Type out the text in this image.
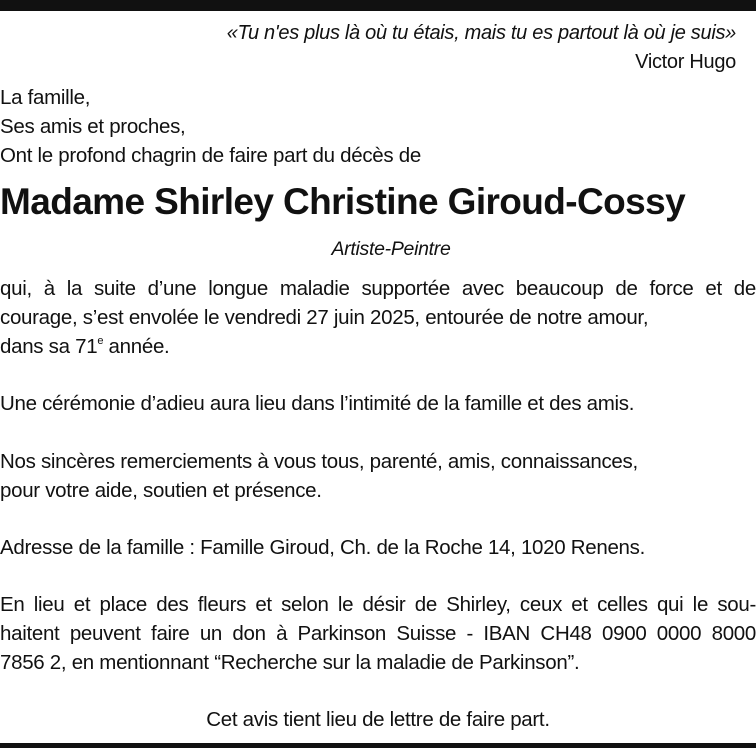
«Tu n'es plus là où tu étais, mais tu es partout là où je suis»

Victor Hugo

La famille,

Ses amis et proches,

Ont le profond chagrin de faire part du décès de

Madame Shirley Christine Giroud-Cossy

Artiste-Peintre

qui, à la suite d’une longue maladie supportée avec beaucoup de force et de

courage, s’est envolée le vendredi 27 juin 2025, entourée de notre amour,

dans sa 71e année.

Une cérémonie d’adieu aura lieu dans l’intimité de la famille et des amis.

Nos sincères remerciements à vous tous, parenté, amis, connaissances,

pour votre aide, soutien et présence.

Adresse de la famille : Famille Giroud, Ch. de la Roche 14, 1020 Renens.

En lieu et place des fleurs et selon le désir de Shirley, ceux et celles qui le sou-

haitent peuvent faire un don à Parkinson Suisse - IBAN CH48 0900 0000 8000

7856 2, en mentionnant “Recherche sur la maladie de Parkinson”.

Cet avis tient lieu de lettre de faire part.
